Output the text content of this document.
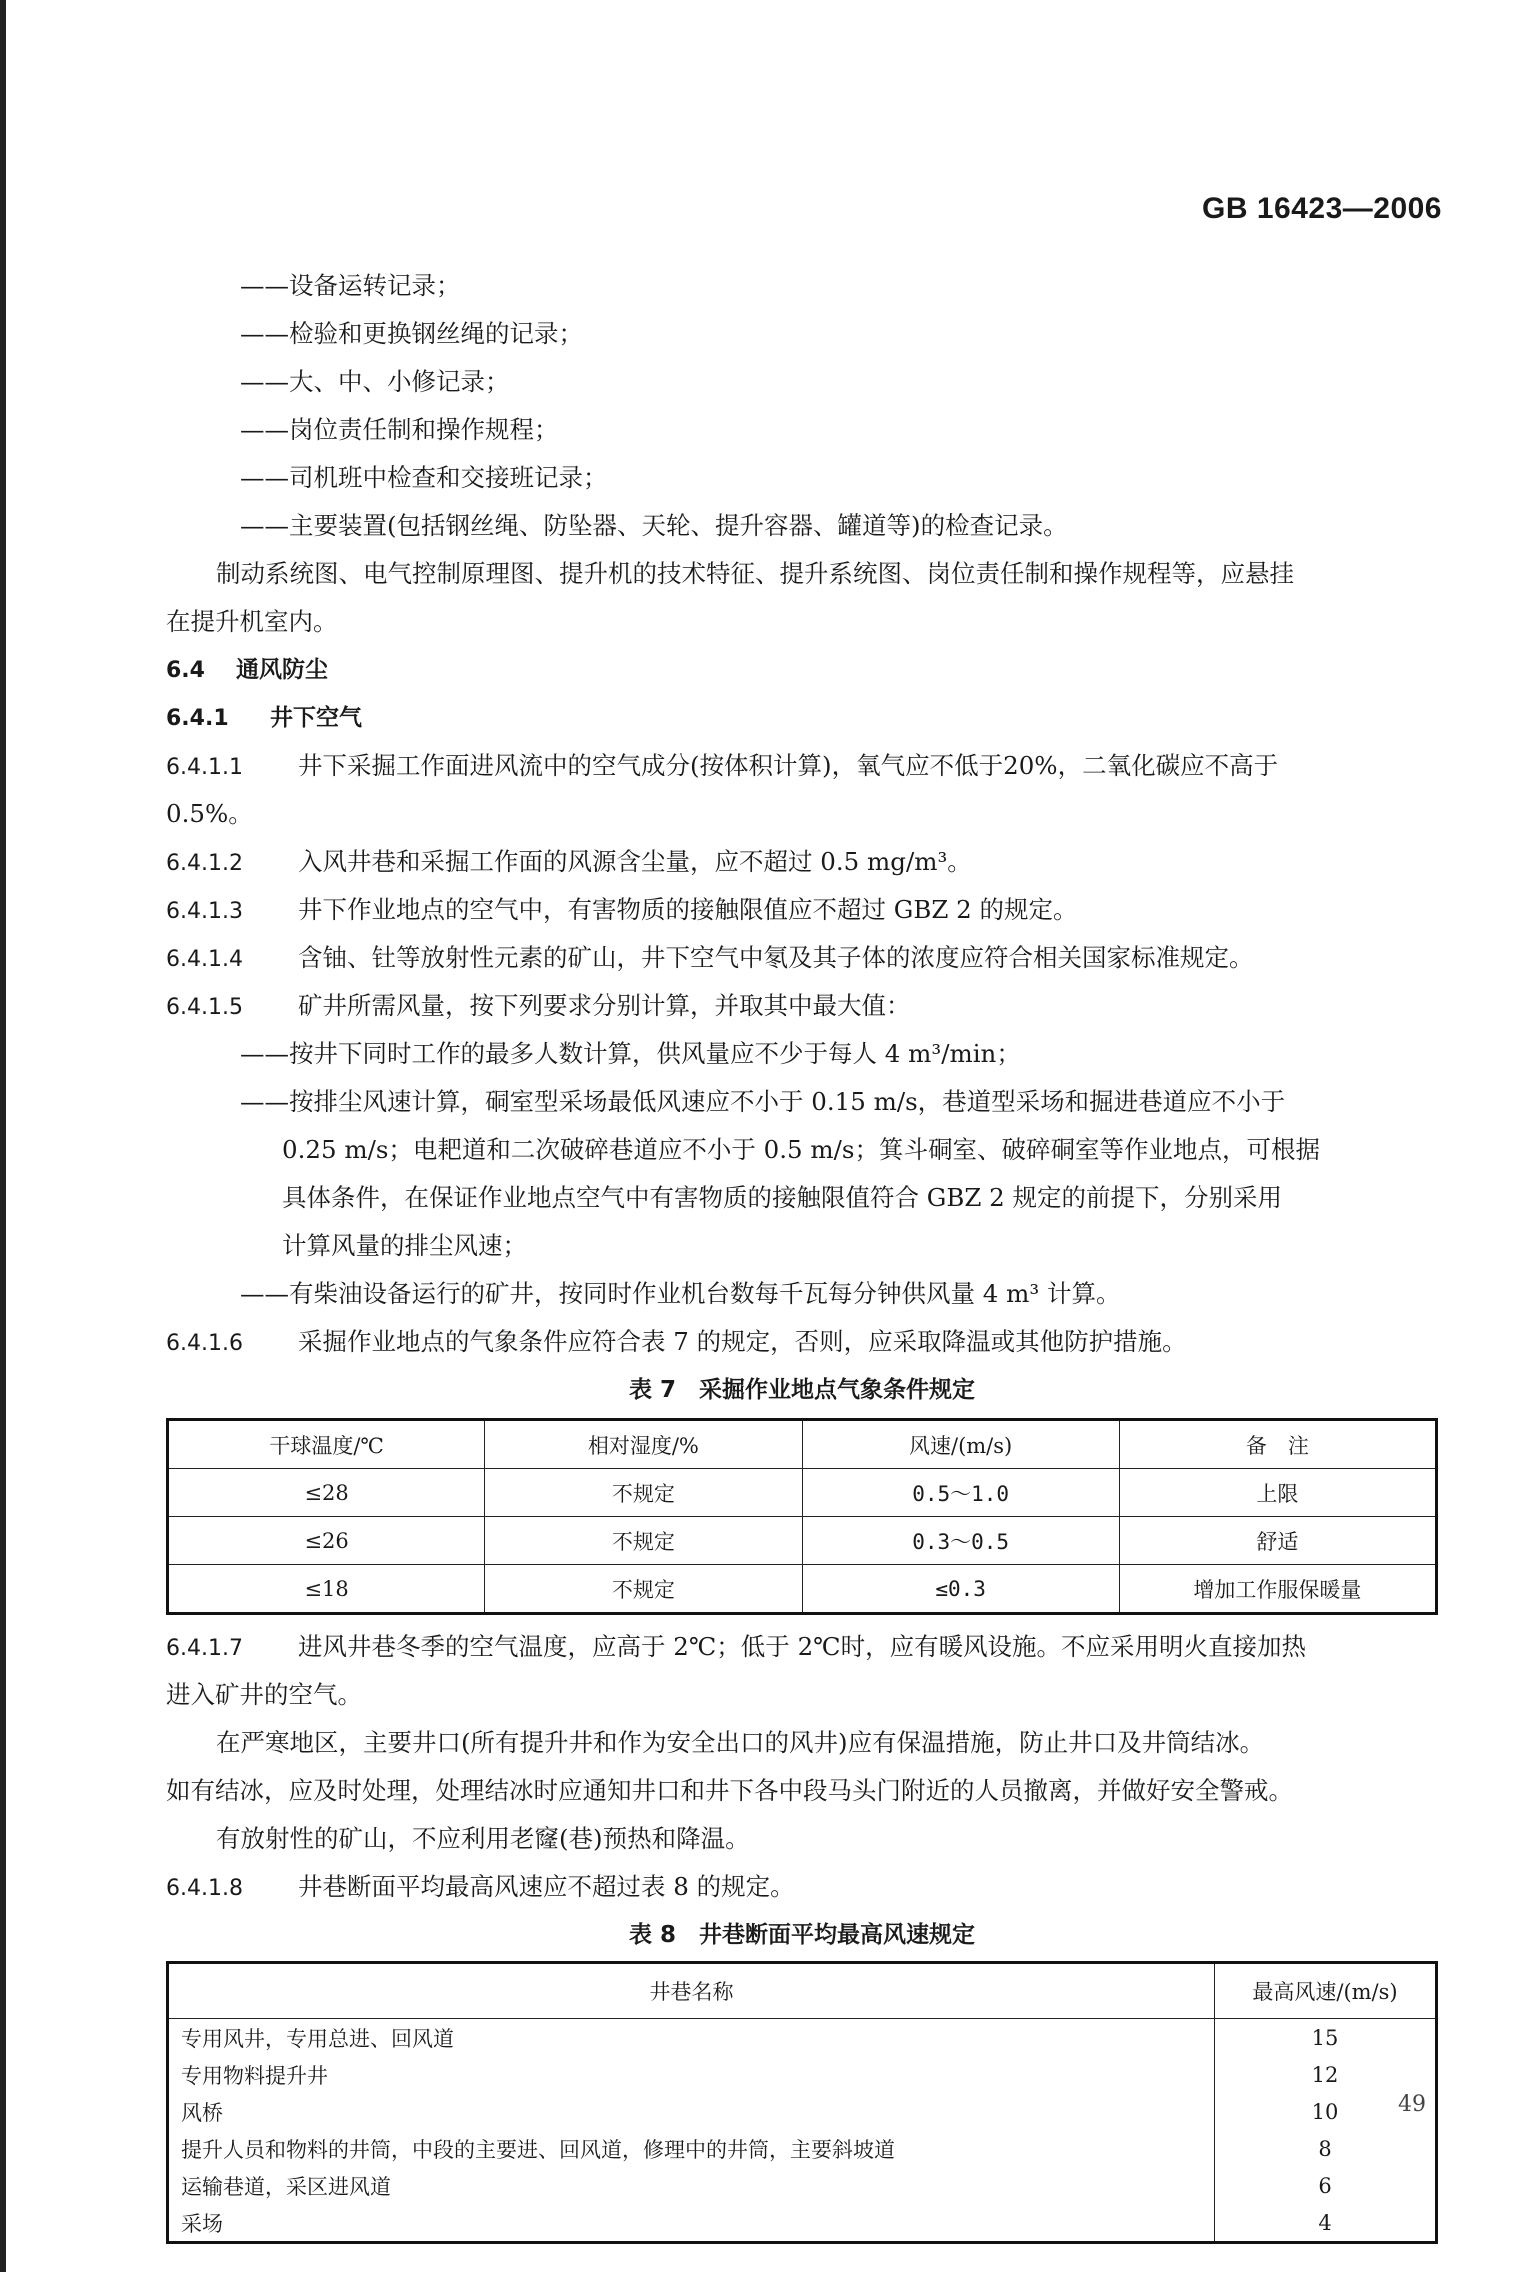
GB 16423—2006
——设备运转记录；
——检验和更换钢丝绳的记录；
——大、中、小修记录；
——岗位责任制和操作规程；
——司机班中检查和交接班记录；
——主要装置(包括钢丝绳、防坠器、天轮、提升容器、罐道等)的检查记录。
制动系统图、电气控制原理图、提升机的技术特征、提升系统图、岗位责任制和操作规程等，应悬挂
在提升机室内。
6.4 通风防尘
6.4.1 井下空气
6.4.1.1 井下采掘工作面进风流中的空气成分(按体积计算)，氧气应不低于20%，二氧化碳应不高于
0.5%。
6.4.1.2 入风井巷和采掘工作面的风源含尘量，应不超过 0.5 mg/m³。
6.4.1.3 井下作业地点的空气中，有害物质的接触限值应不超过 GBZ 2 的规定。
6.4.1.4 含铀、钍等放射性元素的矿山，井下空气中氡及其子体的浓度应符合相关国家标准规定。
6.4.1.5 矿井所需风量，按下列要求分别计算，并取其中最大值：
——按井下同时工作的最多人数计算，供风量应不少于每人 4 m³/min；
——按排尘风速计算，硐室型采场最低风速应不小于 0.15 m/s，巷道型采场和掘进巷道应不小于
0.25 m/s；电耙道和二次破碎巷道应不小于 0.5 m/s；箕斗硐室、破碎硐室等作业地点，可根据
具体条件，在保证作业地点空气中有害物质的接触限值符合 GBZ 2 规定的前提下，分别采用
计算风量的排尘风速；
——有柴油设备运行的矿井，按同时作业机台数每千瓦每分钟供风量 4 m³ 计算。
6.4.1.6 采掘作业地点的气象条件应符合表 7 的规定，否则，应采取降温或其他防护措施。
表 7　采掘作业地点气象条件规定
干球温度/℃	相对湿度/%	风速/(m/s)	备　注
≤28	不规定	0.5～1.0	上限
≤26	不规定	0.3～0.5	舒适
≤18	不规定	≤0.3	增加工作服保暖量
6.4.1.7 进风井巷冬季的空气温度，应高于 2℃；低于 2℃时，应有暖风设施。不应采用明火直接加热
进入矿井的空气。
在严寒地区，主要井口(所有提升井和作为安全出口的风井)应有保温措施，防止井口及井筒结冰。
如有结冰，应及时处理，处理结冰时应通知井口和井下各中段马头门附近的人员撤离，并做好安全警戒。
有放射性的矿山，不应利用老窿(巷)预热和降温。
6.4.1.8 井巷断面平均最高风速应不超过表 8 的规定。
表 8　井巷断面平均最高风速规定
井巷名称	最高风速/(m/s)
专用风井，专用总进、回风道	15
专用物料提升井	12
风桥	10
提升人员和物料的井筒，中段的主要进、回风道，修理中的井筒，主要斜坡道	8
运输巷道，采区进风道	6
采场	4
49
